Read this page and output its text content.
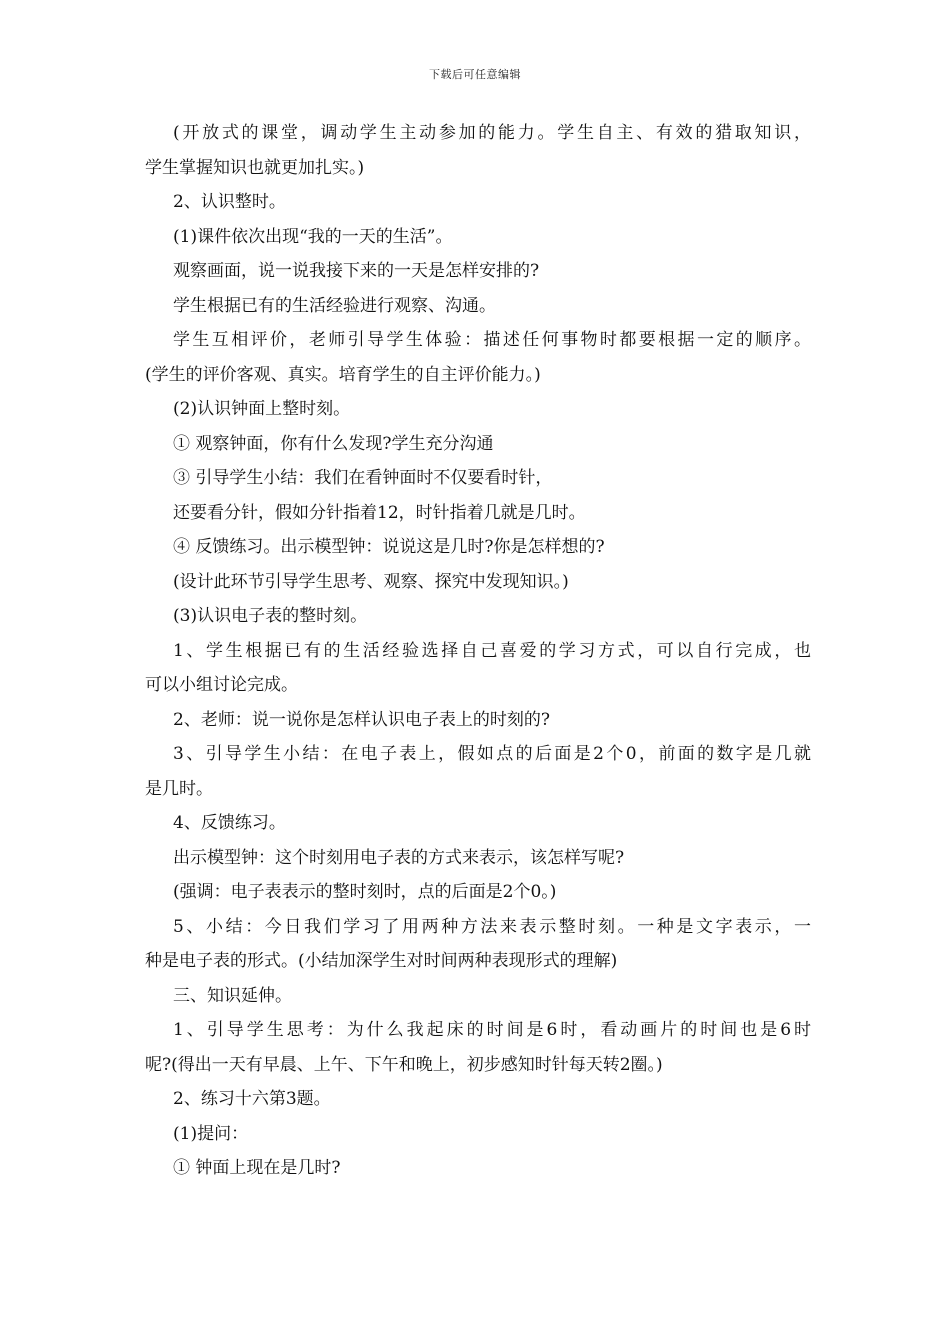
下载后可任意编辑
(开放式的课堂，调动学生主动参加的能力。学生自主、有效的猎取知识，
学生掌握知识也就更加扎实。)
2、认识整时。
(1)课件依次出现“我的一天的生活”。
观察画面，说一说我接下来的一天是怎样安排的?
学生根据已有的生活经验进行观察、沟通。
学生互相评价，老师引导学生体验：描述任何事物时都要根据一定的顺序。
(学生的评价客观、真实。培育学生的自主评价能力。)
(2)认识钟面上整时刻。
① 观察钟面，你有什么发现?学生充分沟通
③ 引导学生小结：我们在看钟面时不仅要看时针，
还要看分针，假如分针指着12，时针指着几就是几时。
④ 反馈练习。出示模型钟：说说这是几时?你是怎样想的?
(设计此环节引导学生思考、观察、探究中发现知识。)
(3)认识电子表的整时刻。
1、学生根据已有的生活经验选择自己喜爱的学习方式，可以自行完成，也
可以小组讨论完成。
2、老师：说一说你是怎样认识电子表上的时刻的?
3、引导学生小结：在电子表上，假如点的后面是2个0，前面的数字是几就
是几时。
4、反馈练习。
出示模型钟：这个时刻用电子表的方式来表示，该怎样写呢?
(强调：电子表表示的整时刻时，点的后面是2个0。)
5、小结：今日我们学习了用两种方法来表示整时刻。一种是文字表示，一
种是电子表的形式。(小结加深学生对时间两种表现形式的理解)
三、知识延伸。
1、引导学生思考：为什么我起床的时间是6时，看动画片的时间也是6时
呢?(得出一天有早晨、上午、下午和晚上，初步感知时针每天转2圈。)
2、练习十六第3题。
(1)提问：
① 钟面上现在是几时?
